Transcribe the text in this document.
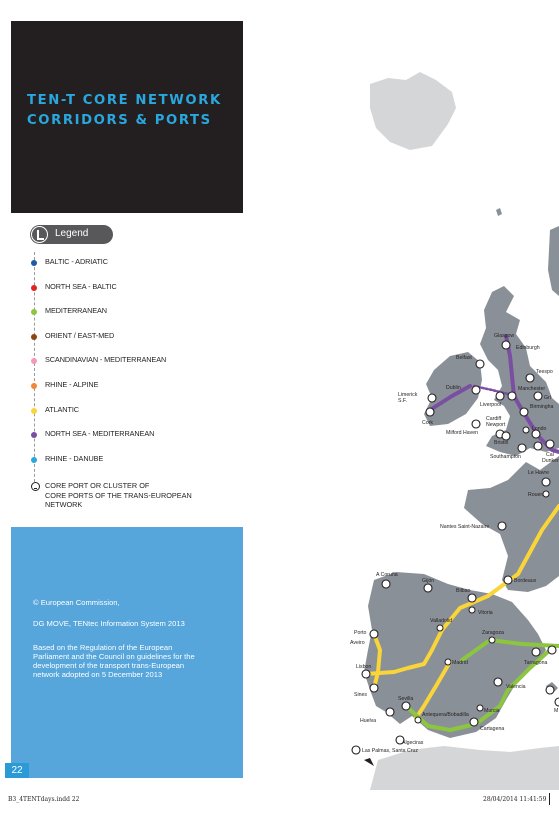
TEN-T CORE NETWORK
CORRIDORS & PORTS
Legend
BALTIC - ADRIATIC
NORTH SEA - BALTIC
MEDITERRANEAN
ORIENT / EAST-MED
SCANDINAVIAN - MEDITERRANEAN
RHINE - ALPINE
ATLANTIC
NORTH SEA - MEDITERRANEAN
RHINE - DANUBE
CORE PORT OR CLUSTER OF
CORE PORTS OF THE TRANS-EUROPEAN
NETWORK
© European Commission,
DG MOVE, TENtec Information System 2013
Based on the Regulation of the European
Parliament and the Council on guidelines for the
development of the transport trans-European
network adopted on 5 December 2013
22
B3_4TENTdays.indd 22	28/04/2014 11:41:59
Glasgow
Edinburgh
Belfast
Teespo
Limerick
S.F.
Dublin	Manchester
Gri
Liverpool	Birmingha
Cork
Cardiff
Newport
Milford Haven
Londo
Bristol
Southampton	Cal
Dunker
Le Havre
Rouen
Nantes Saint-Nazaire
Bordeaux
A Coruña
Gijón
Bilbao
Vitoria
Valladolid
Porto
Aveiro
Zaragoza
Tarragona
Madrid
Lisbon
Sines
Valencia
Sevilla
Antequera/Bobadilla
Murcia
Huelva
Cartagena
Algeciras
Las Palmas, Santa Cruz
M
